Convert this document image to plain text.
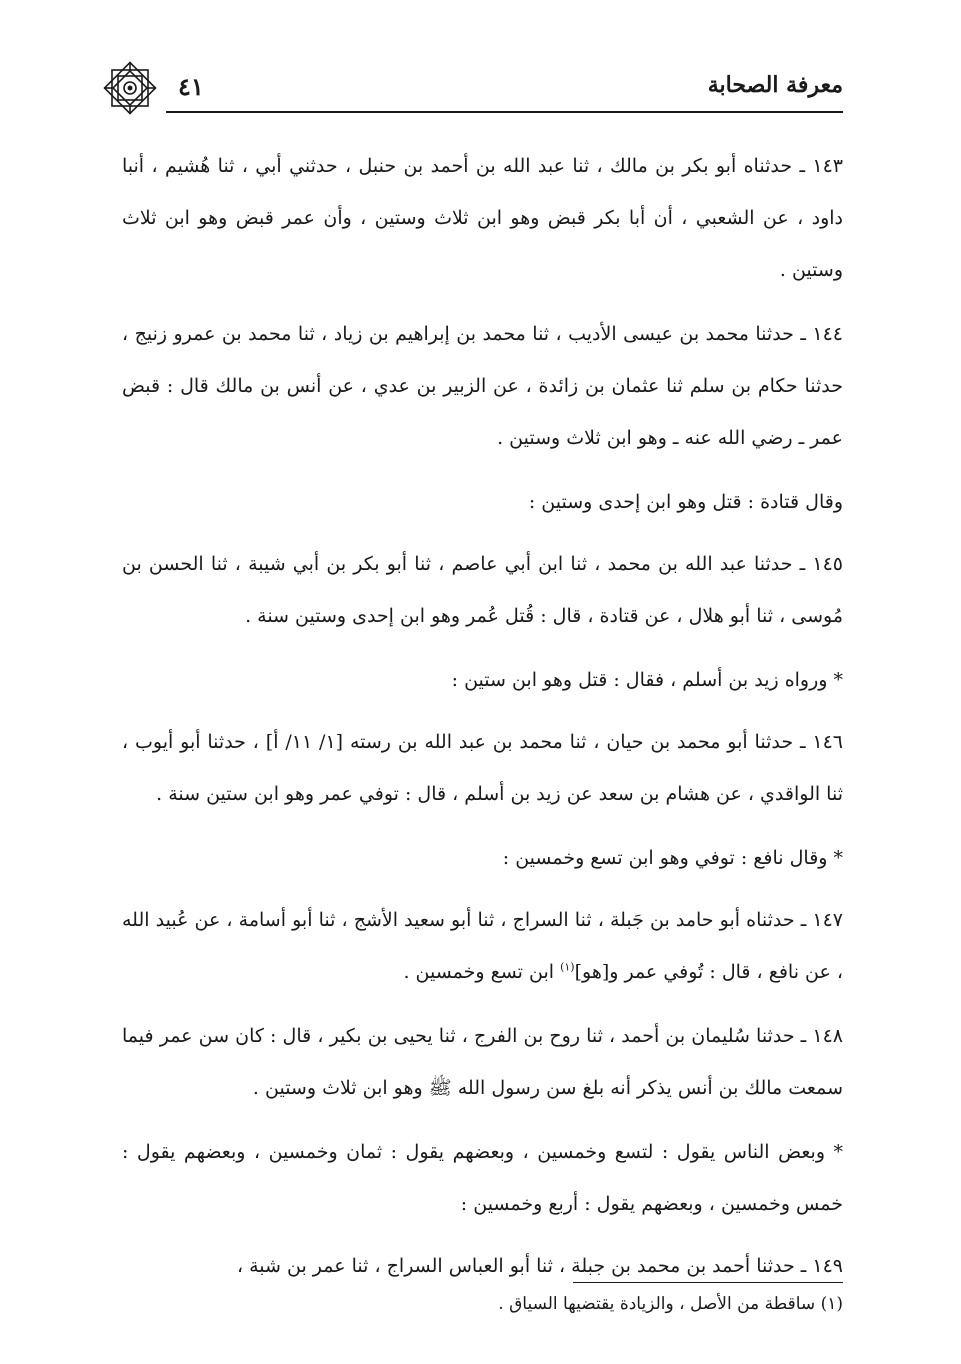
معرفة الصحابة
٤١

١٤٣ ـ حدثناه أبو بكر بن مالك ، ثنا عبد الله بن أحمد بن حنبل ، حدثني أبي ، ثنا هُشيم ، أنبا داود ، عن الشعبي ، أن أبا بكر قبض وهو ابن ثلاث وستين ، وأن عمر قبض وهو ابن ثلاث وستين .

١٤٤ ـ حدثنا محمد بن عيسى الأديب ، ثنا محمد بن إبراهيم بن زياد ، ثنا محمد بن عمرو زنيج ، حدثنا حكام بن سلم ثنا عثمان بن زائدة ، عن الزبير بن عدي ، عن أنس بن مالك قال : قبض عمر ـ رضي الله عنه ـ وهو ابن ثلاث وستين .

وقال قتادة : قتل وهو ابن إحدى وستين :

١٤٥ ـ حدثنا عبد الله بن محمد ، ثنا ابن أبي عاصم ، ثنا أبو بكر بن أبي شيبة ، ثنا الحسن بن مُوسى ، ثنا أبو هلال ، عن قتادة ، قال : قُتل عُمر وهو ابن إحدى وستين سنة .

* ورواه زيد بن أسلم ، فقال : قتل وهو ابن ستين :

١٤٦ ـ حدثنا أبو محمد بن حيان ، ثنا محمد بن عبد الله بن رسته [١/ ١١/ أ] ، حدثنا أبو أيوب ، ثنا الواقدي ، عن هشام بن سعد عن زيد بن أسلم ، قال : توفي عمر وهو ابن ستين سنة .

* وقال نافع : توفي وهو ابن تسع وخمسين :

١٤٧ ـ حدثناه أبو حامد بن جَبلة ، ثنا السراج ، ثنا أبو سعيد الأشج ، ثنا أبو أسامة ، عن عُبيد الله ، عن نافع ، قال : تُوفي عمر و[هو]$^{(١)}$ ابن تسع وخمسين .

١٤٨ ـ حدثنا سُليمان بن أحمد ، ثنا روح بن الفرج ، ثنا يحيى بن بكير ، قال : كان سن عمر فيما سمعت مالك بن أنس يذكر أنه بلغ سن رسول الله ﷺ وهو ابن ثلاث وستين .

* وبعض الناس يقول : لتسع وخمسين ، وبعضهم يقول : ثمان وخمسين ، وبعضهم يقول : خمس وخمسين ، وبعضهم يقول : أربع وخمسين :

١٤٩ ـ حدثنا أحمد بن محمد بن جبلة ، ثنا أبو العباس السراج ، ثنا عمر بن شبة ،

(١) ساقطة من الأصل ، والزيادة يقتضيها السياق .
